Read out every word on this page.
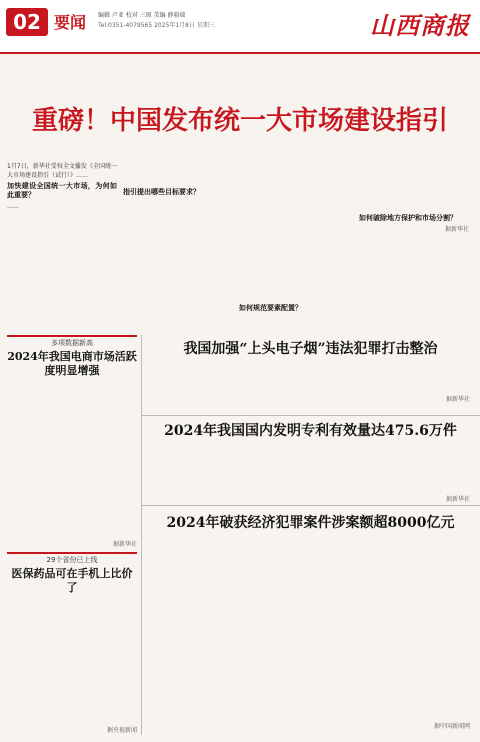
02 要闻 编辑 卢亚 校对 三原 美编 薛骆瑞
Tel:0351-4079565 2025年1月8日 星期三	山西商报
重磅！中国发布统一大市场建设指引

1月7日，新华社受权全文播发《全国统一大市场建设指引（试行）》……

加快建设全国统一大市场，为何如此重要？

……

指引提出哪些目标要求？

如何规范要素配置？

如何破除地方保护和市场分割？

据新华社

多项数据新高
2024年我国电商市场活跃度明显增强

据新华社

29个省份已上线
医保药品可在手机上比价了

据央视新闻

我国加强“上头电子烟”违法犯罪打击整治

据新华社

2024年我国国内发明专利有效量达475.6万件

据新华社

2024年破获经济犯罪案件涉案额超8000亿元

据中国新闻网
